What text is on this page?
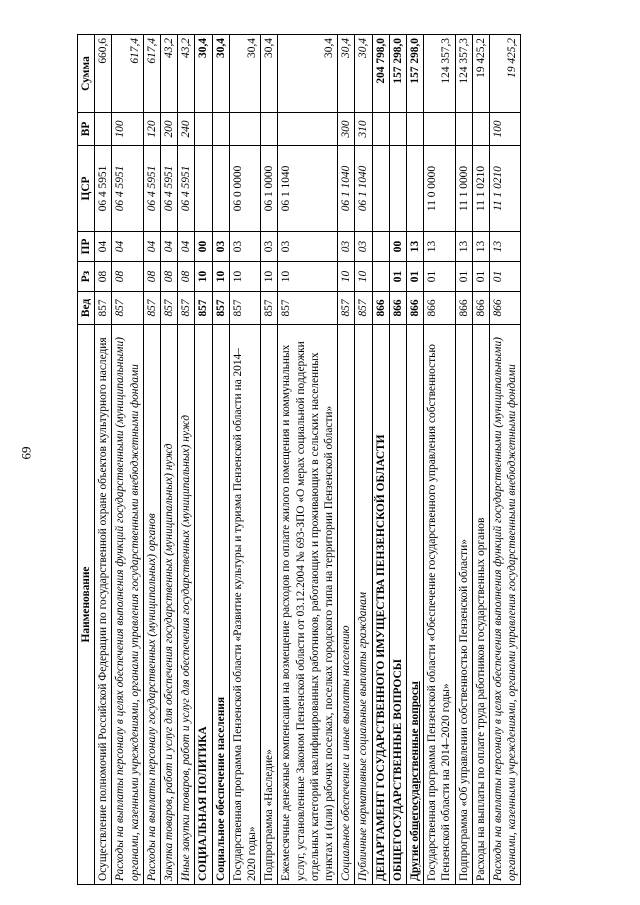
69
Наименование	Вед	Рз	ПР	ЦСР	ВР	Сумма
Осуществление полномочий Российской Федерации по государственной охране объектов культурного наследия	857	08	04	06 4 5951		660,6
Расходы на выплаты персоналу в целях обеспечения выполнения функций государственными (муниципальными) органами, казенными учреждениями, органами управления государственными внебюджетными фондами	857	08	04	06 4 5951	100	617,4
Расходы на выплаты персоналу государственных (муниципальных) органов	857	08	04	06 4 5951	120	617,4
Закупка товаров, работ и услуг для обеспечения государственных (муниципальных) нужд	857	08	04	06 4 5951	200	43,2
Иные закупки товаров, работ и услуг для обеспечения государственных (муниципальных) нужд	857	08	04	06 4 5951	240	43,2
СОЦИАЛЬНАЯ ПОЛИТИКА	857	10	00			30,4
Социальное обеспечение населения	857	10	03			30,4
Государственная программа Пензенской области «Развитие культуры и туризма Пензенской области на 2014–2020 годы»	857	10	03	06 0 0000		30,4
Подпрограмма «Наследие»	857	10	03	06 1 0000		30,4
Ежемесячные денежные компенсации на возмещение расходов по оплате жилого помещения и коммунальных услуг, установленные Законом Пензенской области от 03.12.2004 № 693-ЗПО «О мерах социальной поддержки отдельных категорий квалифицированных работников, работающих и проживающих в сельских населенных пунктах и (или) рабочих поселках, поселках городского типа на территории Пензенской области»	857	10	03	06 1 1040		30,4
Социальное обеспечение и иные выплаты населению	857	10	03	06 1 1040	300	30,4
Публичные нормативные социальные выплаты гражданам	857	10	03	06 1 1040	310	30,4
ДЕПАРТАМЕНТ ГОСУДАРСТВЕННОГО ИМУЩЕСТВА ПЕНЗЕНСКОЙ ОБЛАСТИ	866					204 798,0
ОБЩЕГОСУДАРСТВЕННЫЕ ВОПРОСЫ	866	01	00			157 298,0
Другие общегосударственные вопросы	866	01	13			157 298,0
Государственная программа Пензенской области «Обеспечение государственного управления собственностью Пензенской области на 2014–2020 годы»	866	01	13	11 0 0000		124 357,3
Подпрограмма «Об управлении собственностью Пензенской области»	866	01	13	11 1 0000		124 357,3
Расходы на выплаты по оплате труда работников государственных органов	866	01	13	11 1 0210		19 425,2
Расходы на выплаты персоналу в целях обеспечения выполнения функций государственными (муниципальными) органами, казенными учреждениями, органами управления государственными внебюджетными фондами	866	01	13	11 1 0210	100	19 425,2
